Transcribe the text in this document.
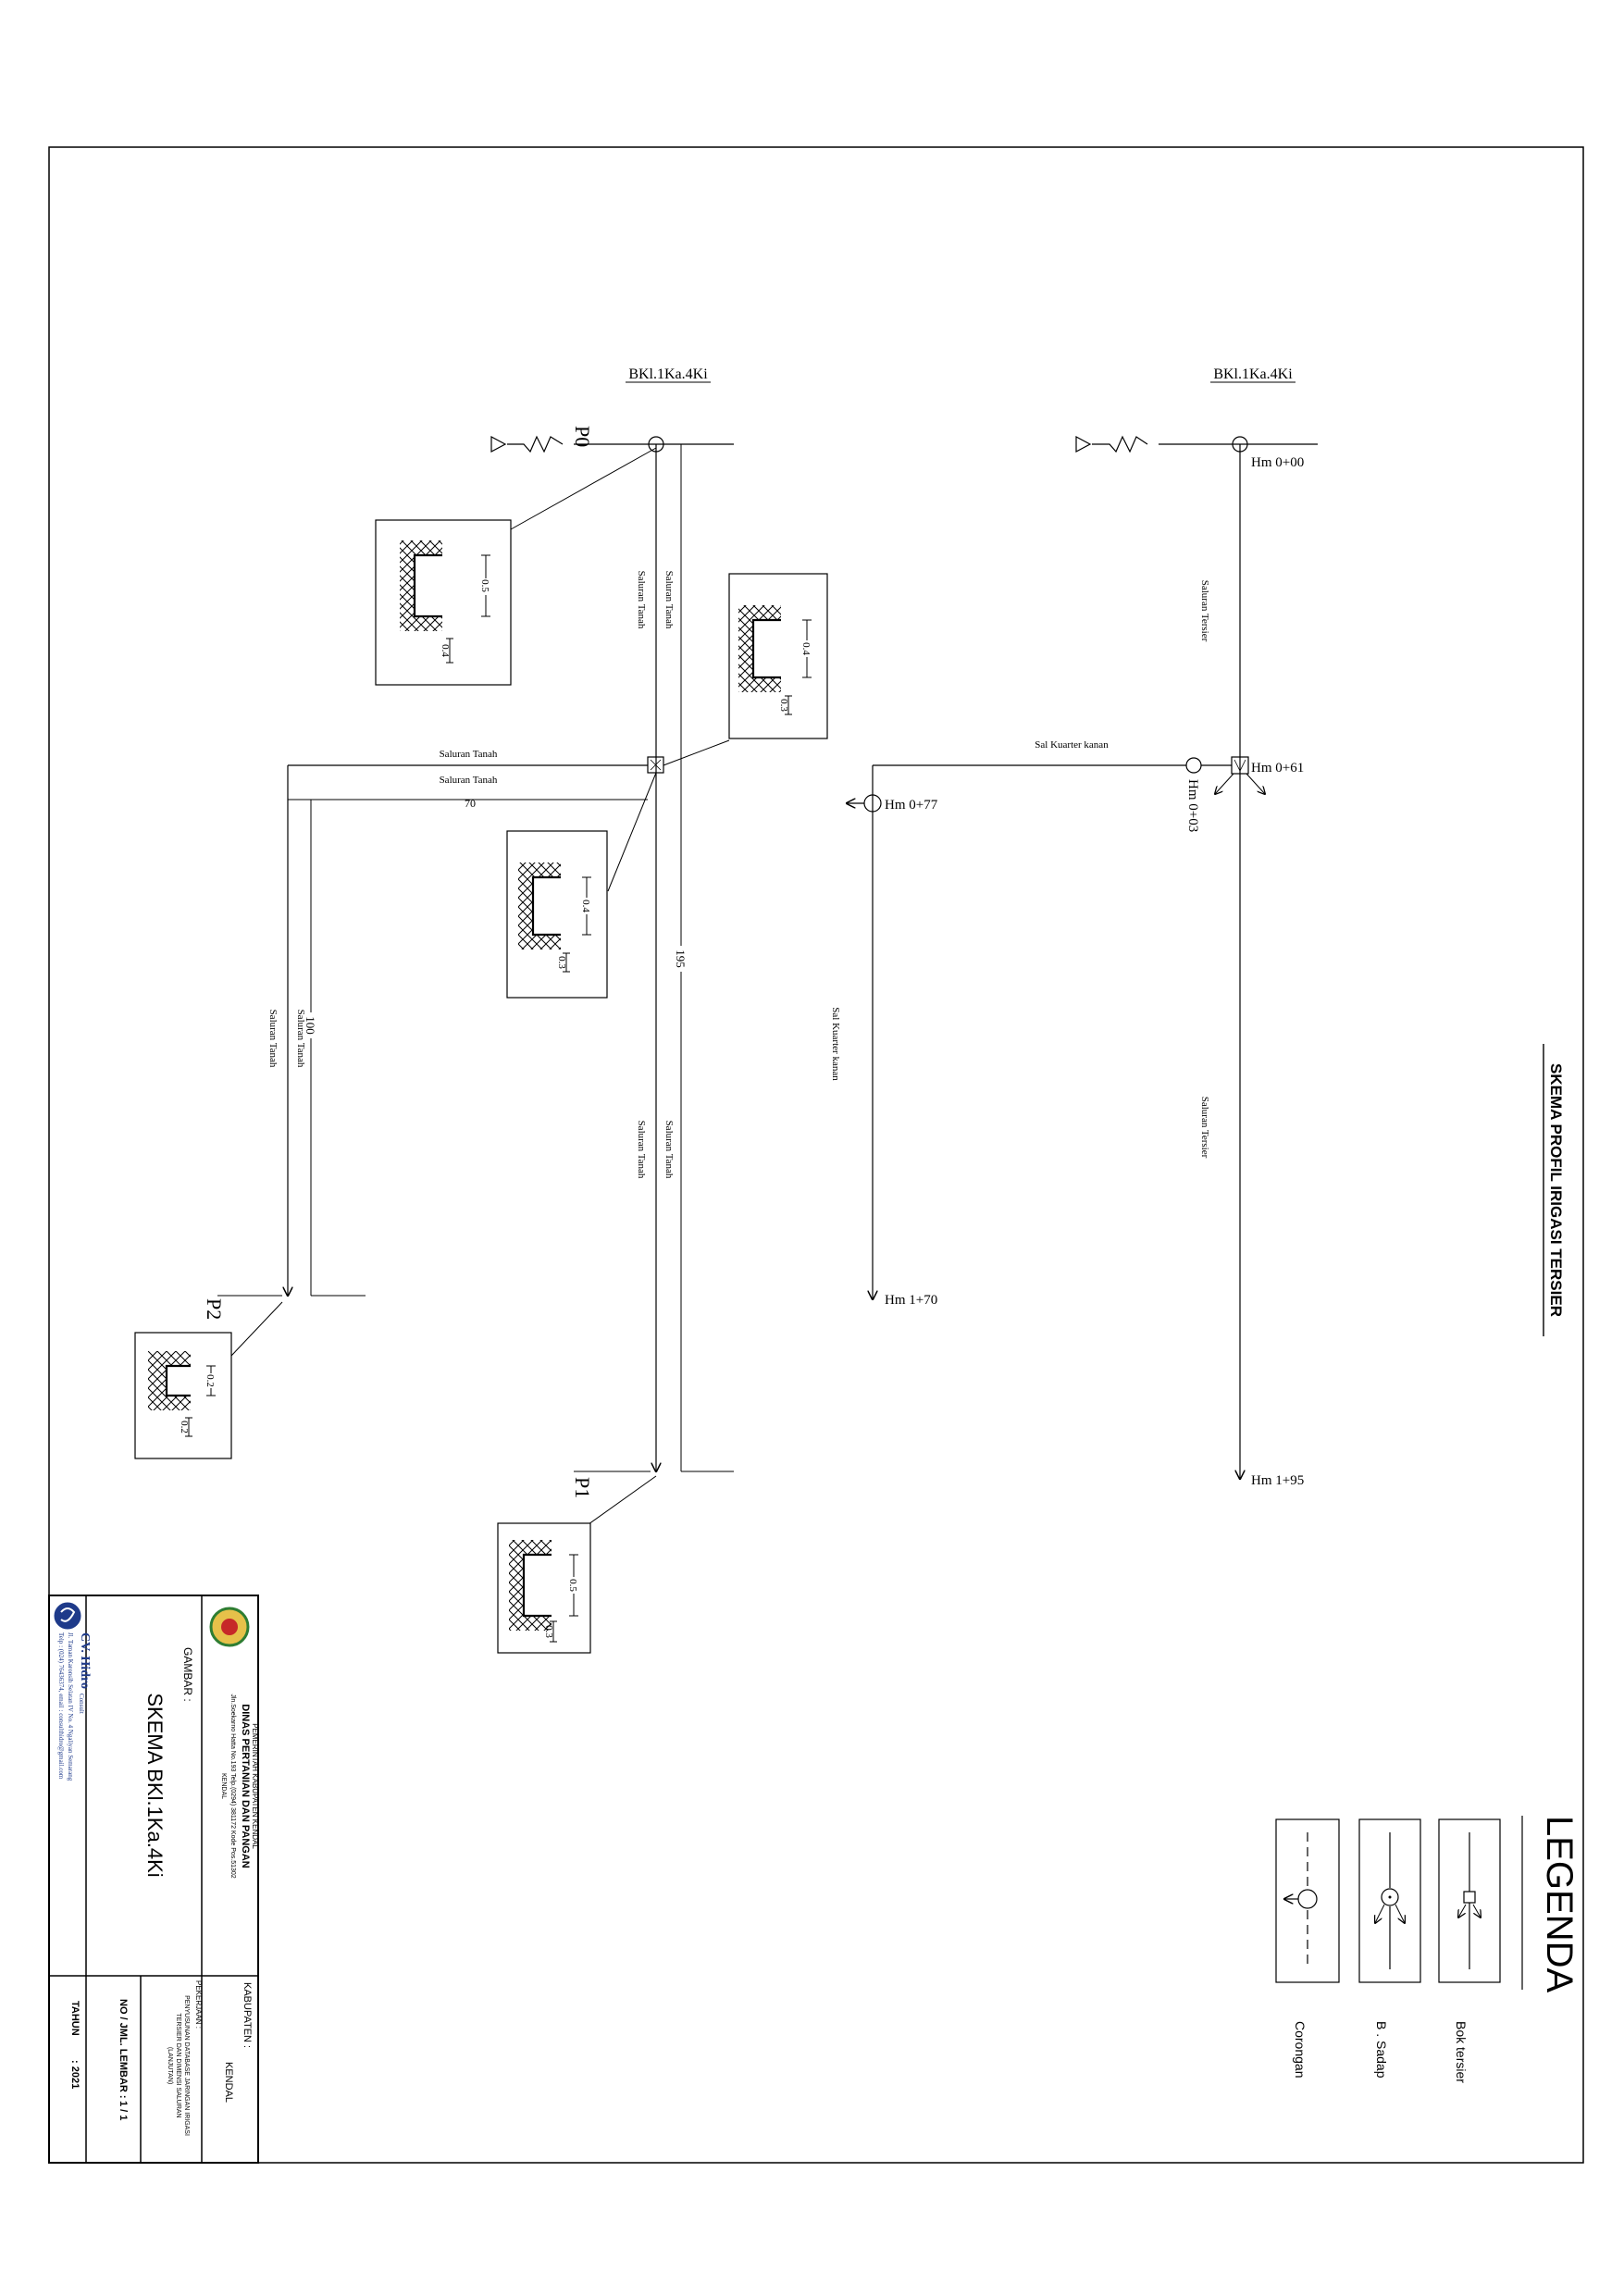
BKl.1Ka.4Ki
P0
195
Saluran Tanah
Saluran Tanah
Saluran Tanah
Saluran Tanah
Saluran Tanah
Saluran Tanah
70
100
Saluran Tanah
Saluran Tanah
P2
P1
0.5
0.4	0.4
0.3
0.4
0.3
0.2
0.2
0.5
0.3
BKl.1Ka.4Ki
Hm 0+00
Saluran Tersier
Saluran Tersier
Hm 1+95
Hm 0+61
Hm 0+03
Sal Kuarter kanan
Sal Kuarter kanan
Hm 1+70
Hm 0+77
SKEMA PROFIL IRIGASI TERSIER
LEGENDA
Bok tersier
B . Sadap
Corongan
PEMERINTAH KABUPATEN KENDAL
DINAS PERTANIAN DAN PANGAN
Jln.Soekarno Hatta No.193 Telp.(0294) 381172 Kode Pos.51302
KENDAL
KABUPATEN :
KENDAL
PEKERJAAN :
PENYUSUNAN DATABASE JARINGAN IRIGASI
TERSIER DAN DIMENSI SALURAN
(LANJUTAN)
GAMBAR :
SKEMA BKl.1Ka.4Ki
NO / JML. LEMBAR :
1 / 1
TAHUN
: 2021
CV. Hidro
Consult
Jl. Taman Karonsih Selatan IV No. 4 Ngaliyan Semarang
Telp : (024) 76436374, email : consulthidro@gmail.com
